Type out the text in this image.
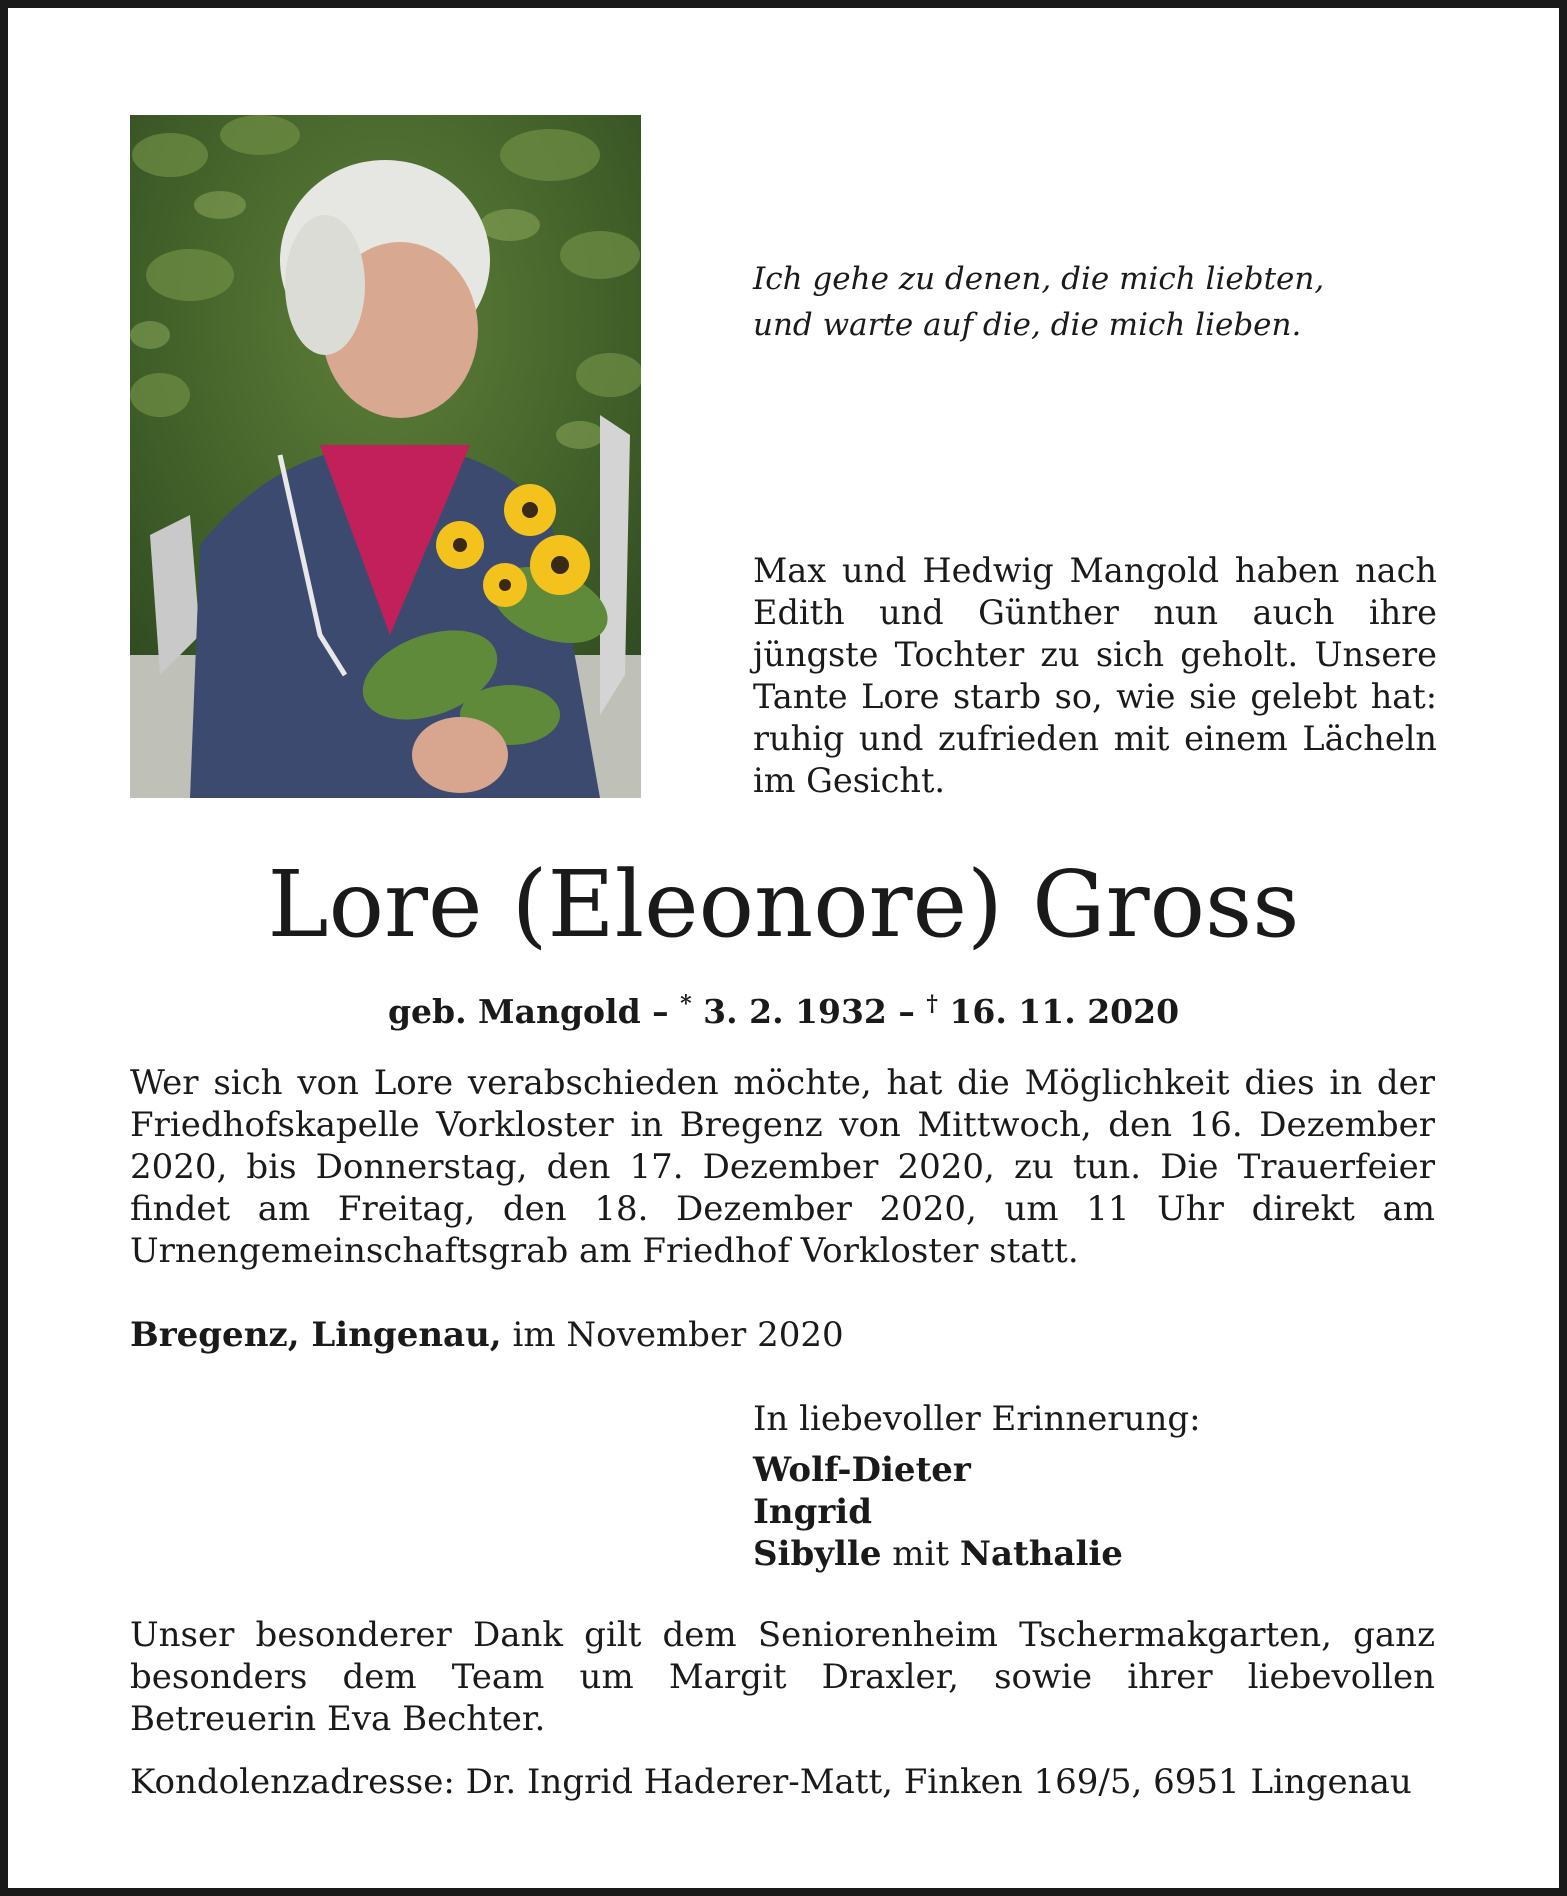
Ich gehe zu denen, die mich liebten,
und warte auf die, die mich lieben.
Max und Hedwig Mangold haben nach Edith und Günther nun auch ihre jüngste Tochter zu sich geholt. Unsere Tante Lore starb so, wie sie gelebt hat: ruhig und zufrieden mit einem Lächeln im Gesicht.
Lore (Eleonore) Gross
geb. Mangold – * 3. 2. 1932 – † 16. 11. 2020
Wer sich von Lore verabschieden möchte, hat die Möglichkeit dies in der Friedhofskapelle Vorkloster in Bregenz von Mittwoch, den 16. Dezember 2020, bis Donnerstag, den 17. Dezember 2020, zu tun. Die Trauerfeier findet am Freitag, den 18. Dezember 2020, um 11 Uhr direkt am Urnengemeinschaftsgrab am Friedhof Vorkloster statt.
Bregenz, Lingenau, im November 2020
In liebevoller Erinnerung:
Wolf-Dieter
Ingrid
Sibylle mit Nathalie
Unser besonderer Dank gilt dem Seniorenheim Tschermakgarten, ganz besonders dem Team um Margit Draxler, sowie ihrer liebevollen Betreuerin Eva Bechter.
Kondolenzadresse: Dr. Ingrid Haderer-Matt, Finken 169/5, 6951 Lingenau
